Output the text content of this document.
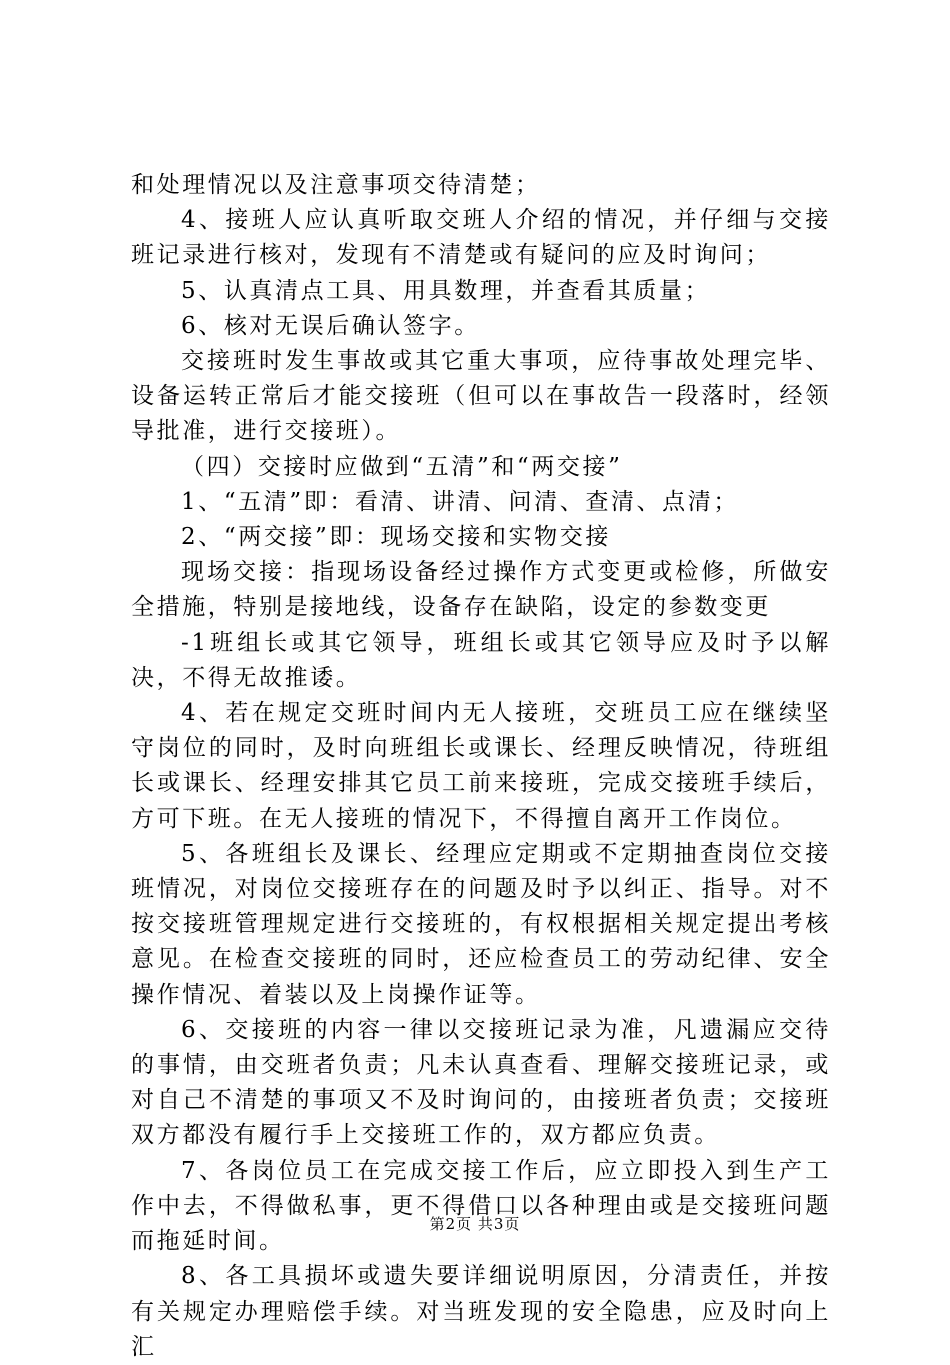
和处理情况以及注意事项交待清楚；

4、接班人应认真听取交班人介绍的情况，并仔细与交接班记录进行核对，发现有不清楚或有疑问的应及时询问；

5、认真清点工具、用具数理，并查看其质量；

6、核对无误后确认签字。

交接班时发生事故或其它重大事项，应待事故处理完毕、设备运转正常后才能交接班（但可以在事故告一段落时，经领导批准，进行交接班）。

（四）交接时应做到“五清”和“两交接”

1、“五清”即：看清、讲清、问清、查清、点清；

2、“两交接”即：现场交接和实物交接

现场交接：指现场设备经过操作方式变更或检修，所做安全措施，特别是接地线，设备存在缺陷，设定的参数变更

-1班组长或其它领导，班组长或其它领导应及时予以解决，不得无故推诿。

4、若在规定交班时间内无人接班，交班员工应在继续坚守岗位的同时，及时向班组长或课长、经理反映情况，待班组长或课长、经理安排其它员工前来接班，完成交接班手续后，方可下班。在无人接班的情况下，不得擅自离开工作岗位。

5、各班组长及课长、经理应定期或不定期抽查岗位交接班情况，对岗位交接班存在的问题及时予以纠正、指导。对不按交接班管理规定进行交接班的，有权根据相关规定提出考核意见。在检查交接班的同时，还应检查员工的劳动纪律、安全操作情况、着装以及上岗操作证等。

6、交接班的内容一律以交接班记录为准，凡遗漏应交待的事情，由交班者负责；凡未认真查看、理解交接班记录，或对自己不清楚的事项又不及时询问的，由接班者负责；交接班双方都没有履行手上交接班工作的，双方都应负责。

7、各岗位员工在完成交接工作后，应立即投入到生产工作中去，不得做私事，更不得借口以各种理由或是交接班问题而拖延时间。

8、各工具损坏或遗失要详细说明原因，分清责任，并按有关规定办理赔偿手续。对当班发现的安全隐患，应及时向上汇

第2页 共3页
